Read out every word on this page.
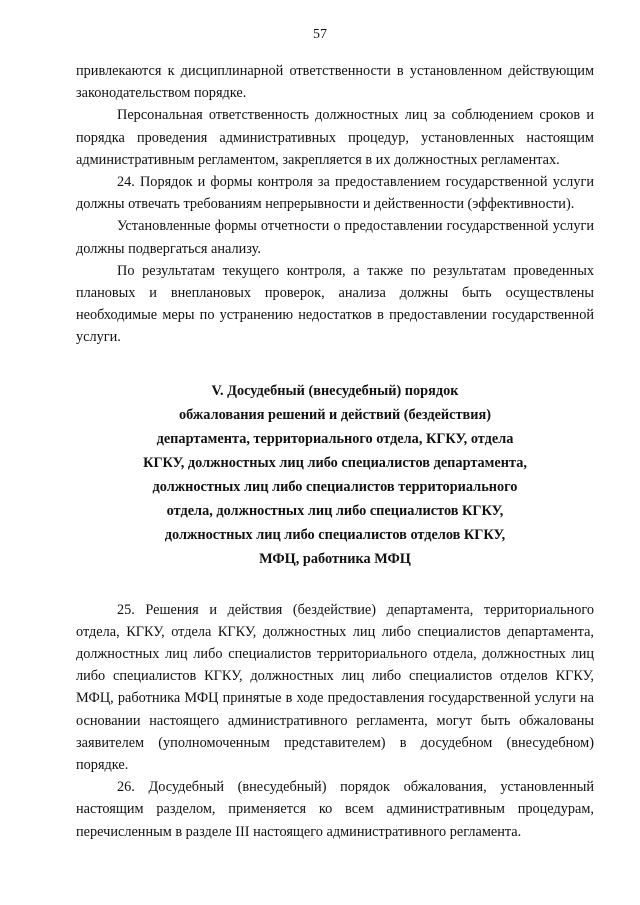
57

привлекаются к дисциплинарной ответственности в установленном действующим законодательством порядке.

Персональная ответственность должностных лиц за соблюдением сроков и порядка проведения административных процедур, установленных настоящим административным регламентом, закрепляется в их должностных регламентах.

24. Порядок и формы контроля за предоставлением государственной услуги должны отвечать требованиям непрерывности и действенности (эффективности).

Установленные формы отчетности о предоставлении государственной услуги должны подвергаться анализу.

По результатам текущего контроля, а также по результатам проведенных плановых и внеплановых проверок, анализа должны быть осуществлены необходимые меры по устранению недостатков в предоставлении государственной услуги.

V. Досудебный (внесудебный) порядок
обжалования решений и действий (бездействия)
департамента, территориального отдела, КГКУ, отдела
КГКУ, должностных лиц либо специалистов департамента,
должностных лиц либо специалистов территориального
отдела, должностных лиц либо специалистов КГКУ,
должностных лиц либо специалистов отделов КГКУ,
МФЦ, работника МФЦ

25. Решения и действия (бездействие) департамента, территориального отдела, КГКУ, отдела КГКУ, должностных лиц либо специалистов департамента, должностных лиц либо специалистов территориального отдела, должностных лиц либо специалистов КГКУ, должностных лиц либо специалистов отделов КГКУ, МФЦ, работника МФЦ принятые в ходе предоставления государственной услуги на основании настоящего административного регламента, могут быть обжалованы заявителем (уполномоченным представителем) в досудебном (внесудебном) порядке.

26. Досудебный (внесудебный) порядок обжалования, установленный настоящим разделом, применяется ко всем административным процедурам, перечисленным в разделе III настоящего административного регламента.
